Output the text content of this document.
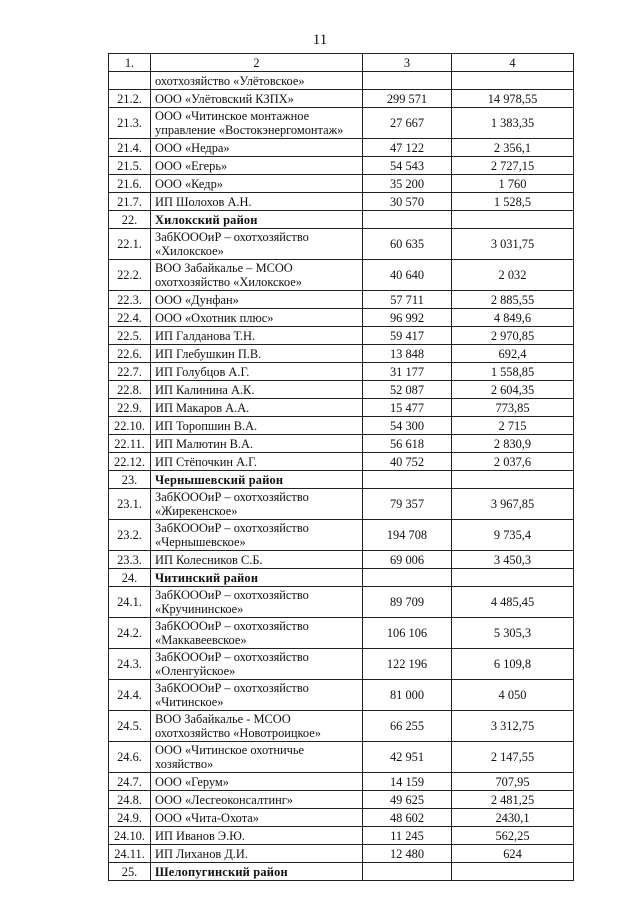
11
1.	2	3	4
	охотхозяйство «Улётовское»		
21.2.	ООО «Улётовский КЗПХ»	299 571	14 978,55
21.3.	ООО «Читинское монтажное управление «Востокэнергомонтаж»	27 667	1 383,35
21.4.	ООО «Недра»	47 122	2 356,1
21.5.	ООО «Егерь»	54 543	2 727,15
21.6.	ООО «Кедр»	35 200	1 760
21.7.	ИП Шолохов А.Н.	30 570	1 528,5
22.	Хилокский район		
22.1.	ЗабКОООиР – охотхозяйство «Хилокское»	60 635	3 031,75
22.2.	ВОО Забайкалье – МСОО охотхозяйство «Хилокское»	40 640	2 032
22.3.	ООО «Дунфан»	57 711	2 885,55
22.4.	ООО «Охотник плюс»	96 992	4 849,6
22.5.	ИП Галданова Т.Н.	59 417	2 970,85
22.6.	ИП Глебушкин П.В.	13 848	692,4
22.7.	ИП Голубцов А.Г.	31 177	1 558,85
22.8.	ИП Калинина А.К.	52 087	2 604,35
22.9.	ИП Макаров А.А.	15 477	773,85
22.10.	ИП Торопшин В.А.	54 300	2 715
22.11.	ИП Малютин В.А.	56 618	2 830,9
22.12.	ИП Стёпочкин А.Г.	40 752	2 037,6
23.	Чернышевский район		
23.1.	ЗабКОООиР – охотхозяйство «Жирекенское»	79 357	3 967,85
23.2.	ЗабКОООиР – охотхозяйство «Чернышевское»	194 708	9 735,4
23.3.	ИП Колесников С.Б.	69 006	3 450,3
24.	Читинский район		
24.1.	ЗабКОООиР – охотхозяйство «Кручининское»	89 709	4 485,45
24.2.	ЗабКОООиР – охотхозяйство «Маккавеевское»	106 106	5 305,3
24.3.	ЗабКОООиР – охотхозяйство «Оленгуйское»	122 196	6 109,8
24.4.	ЗабКОООиР – охотхозяйство «Читинское»	81 000	4 050
24.5.	ВОО Забайкалье - МСОО охотхозяйство «Новотроицкое»	66 255	3 312,75
24.6.	ООО «Читинское охотничье хозяйство»	42 951	2 147,55
24.7.	ООО «Герум»	14 159	707,95
24.8.	ООО «Лесгеоконсалтинг»	49 625	2 481,25
24.9.	ООО «Чита-Охота»	48 602	2430,1
24.10.	ИП Иванов Э.Ю.	11 245	562,25
24.11.	ИП Лиханов Д.И.	12 480	624
25.	Шелопугинский район		
